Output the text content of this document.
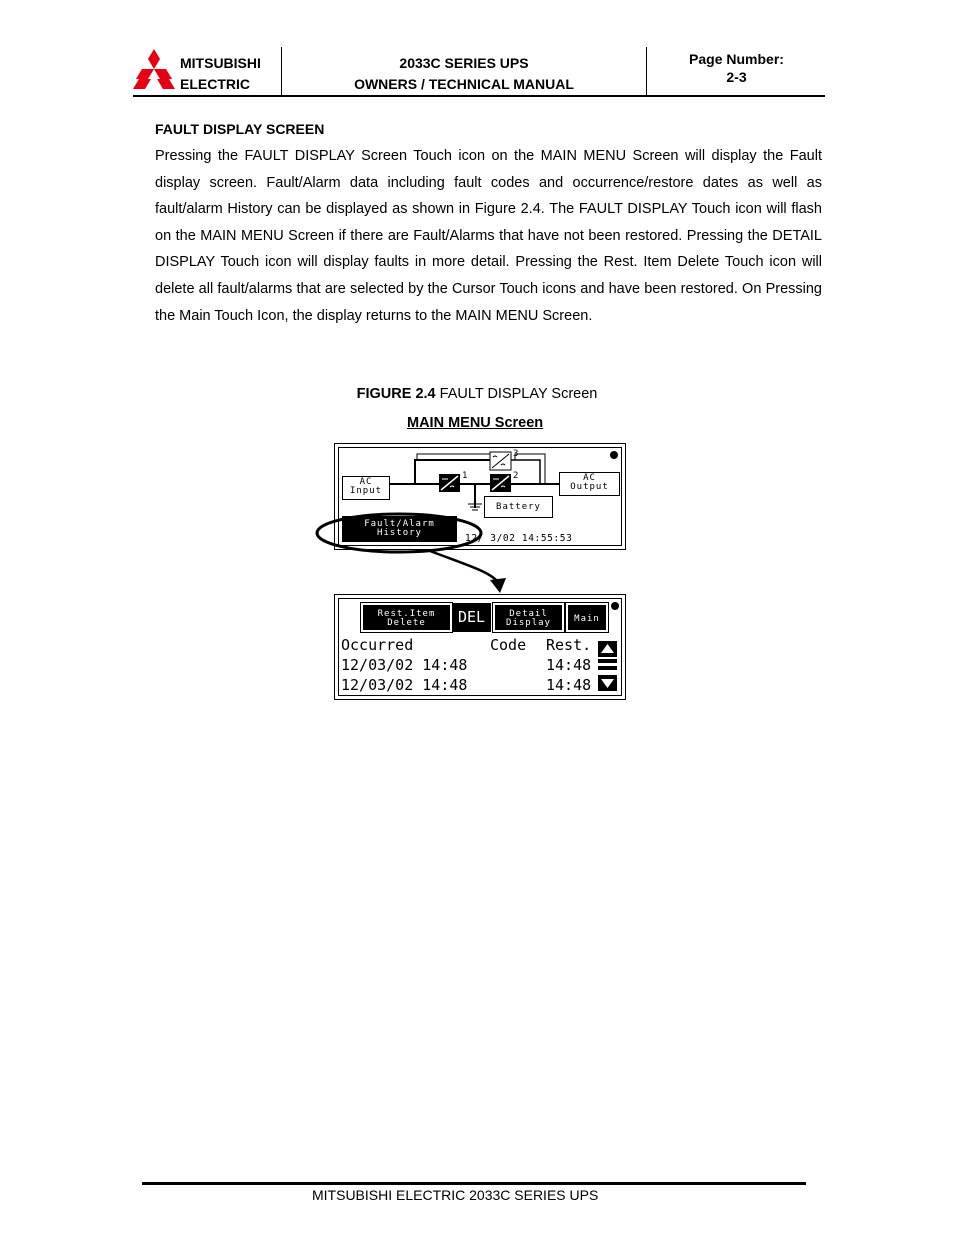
MITSUBISHI
ELECTRIC
2033C SERIES UPS
OWNERS / TECHNICAL MANUAL
Page Number:
2-3
FAULT DISPLAY SCREEN

Pressing the FAULT DISPLAY Screen Touch icon on the MAIN MENU Screen will display the Fault display screen. Fault/Alarm data including fault codes and occurrence/restore dates as well as fault/alarm History can be displayed as shown in Figure 2.4. The FAULT DISPLAY Touch icon will flash on the MAIN MENU Screen if there are Fault/Alarms that have not been restored. Pressing the DETAIL DISPLAY Touch icon will display faults in more detail. Pressing the Rest. Item Delete Touch icon will delete all fault/alarms that are selected by the Cursor Touch icons and have been restored. On Pressing the Main Touch Icon, the display returns to the MAIN MENU Screen.

FIGURE 2.4 FAULT DISPLAY Screen
MAIN MENU Screen
1	2
3
AC
Input
AC
Output
Battery
Fault/Alarm
History	12/ 3/02 14:55:53
Rest.Item
Delete	DEL	Detail
Display	Main
Occurred	Code Rest.
12/03/02 14:48	14:48
12/03/02 14:48	14:48
MITSUBISHI ELECTRIC 2033C SERIES UPS
